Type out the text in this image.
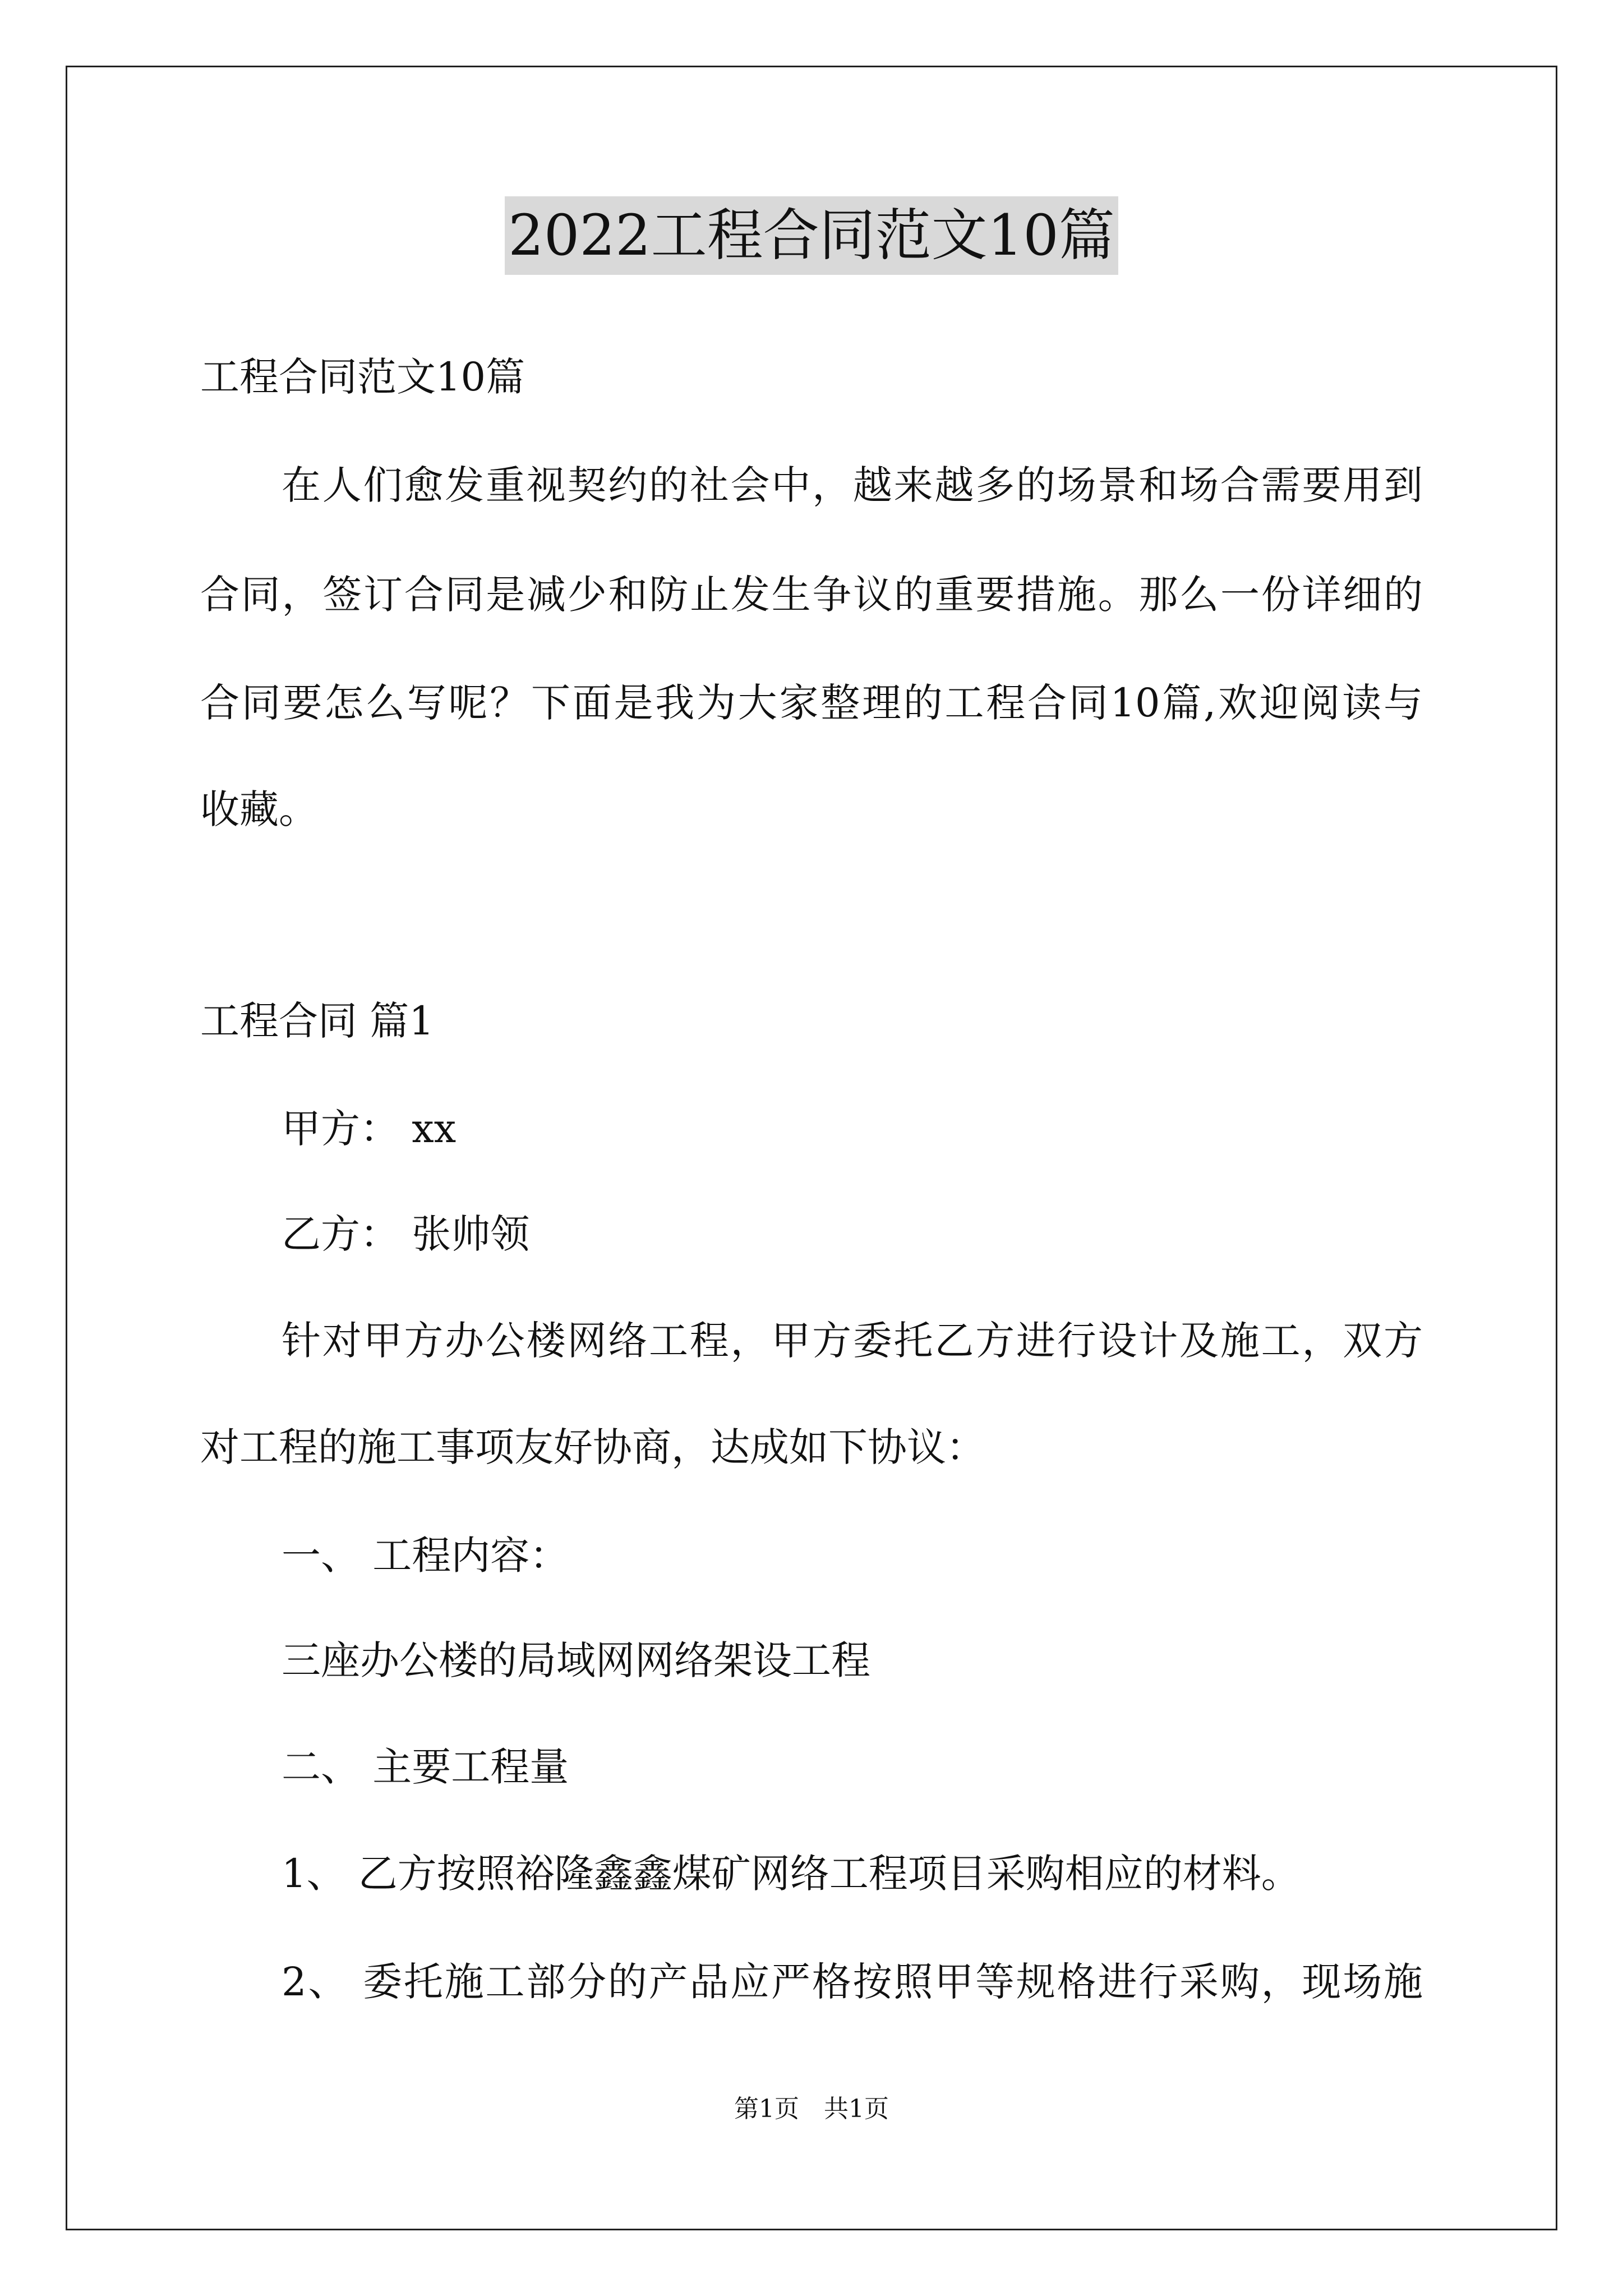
2022工程合同范文10篇
工程合同范文10篇
在人们愈发重视契约的社会中，越来越多的场景和场合需要用到
合同，签订合同是减少和防止发生争议的重要措施。那么一份详细的
合同要怎么写呢？下面是我为大家整理的工程合同10篇,欢迎阅读与
收藏。
工程合同 篇1
甲方： xx
乙方： 张帅领
针对甲方办公楼网络工程，甲方委托乙方进行设计及施工，双方
对工程的施工事项友好协商，达成如下协议：
一、 工程内容：
三座办公楼的局域网网络架设工程
二、 主要工程量
1、 乙方按照裕隆鑫鑫煤矿网络工程项目采购相应的材料。
2、 委托施工部分的产品应严格按照甲等规格进行采购，现场施
第1页　共1页
